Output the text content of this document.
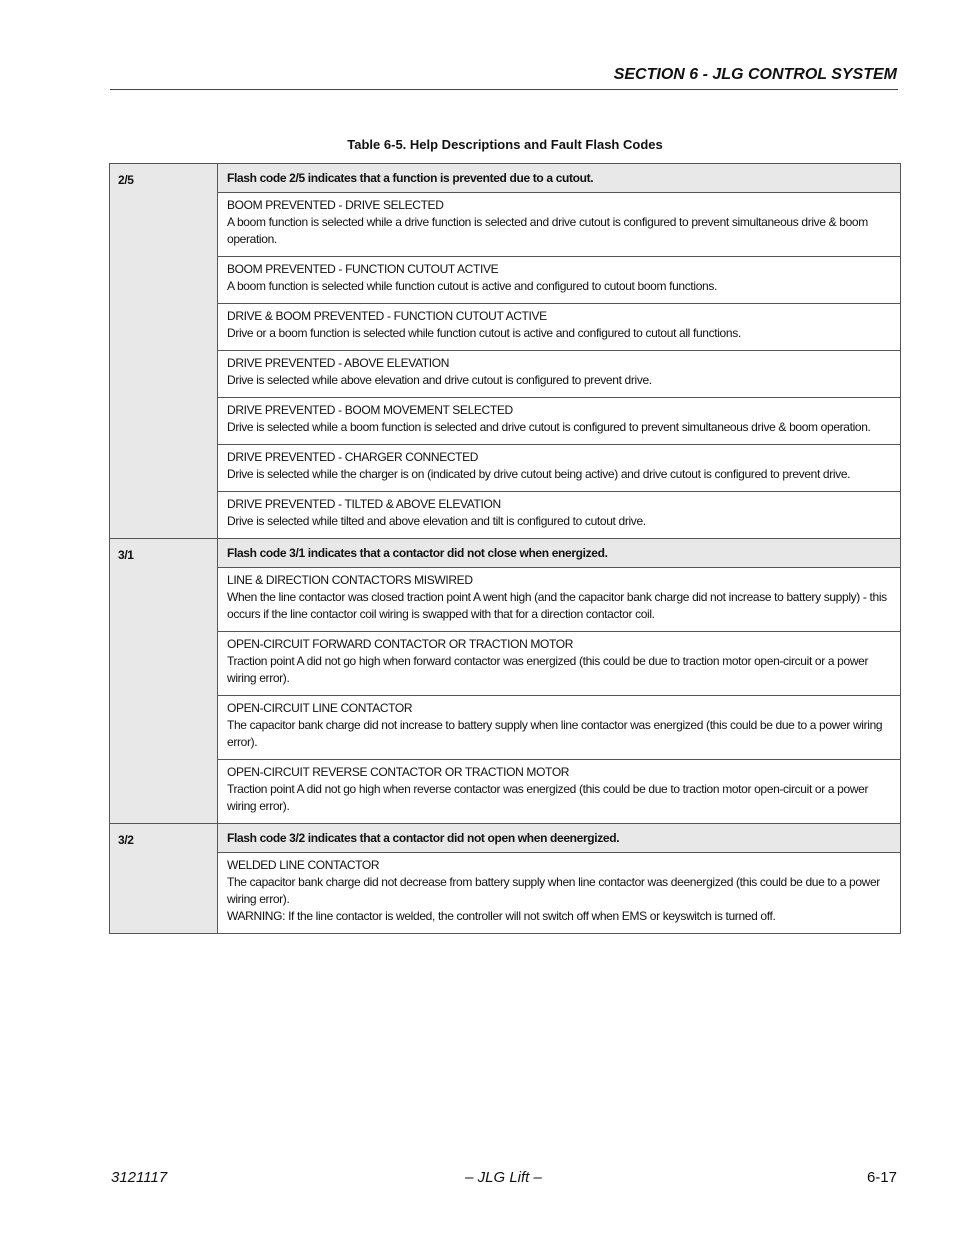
SECTION 6 - JLG CONTROL SYSTEM
Table 6-5. Help Descriptions and Fault Flash Codes
2/5	Flash code 2/5 indicates that a function is prevented due to a cutout.

	BOOM PREVENTED - DRIVE SELECTED
A boom function is selected while a drive function is selected and drive cutout is configured to prevent simultaneous drive & boom operation.

	BOOM PREVENTED - FUNCTION CUTOUT ACTIVE
A boom function is selected while function cutout is active and configured to cutout boom functions.

	DRIVE & BOOM PREVENTED - FUNCTION CUTOUT ACTIVE
Drive or a boom function is selected while function cutout is active and configured to cutout all functions.

	DRIVE PREVENTED - ABOVE ELEVATION
Drive is selected while above elevation and drive cutout is configured to prevent drive.

	DRIVE PREVENTED - BOOM MOVEMENT SELECTED
Drive is selected while a boom function is selected and drive cutout is configured to prevent simultaneous drive & boom operation.

	DRIVE PREVENTED - CHARGER CONNECTED
Drive is selected while the charger is on (indicated by drive cutout being active) and drive cutout is configured to prevent drive.

	DRIVE PREVENTED - TILTED & ABOVE ELEVATION
Drive is selected while tilted and above elevation and tilt is configured to cutout drive.

3/1	Flash code 3/1 indicates that a contactor did not close when energized.

	LINE & DIRECTION CONTACTORS MISWIRED
When the line contactor was closed traction point A went high (and the capacitor bank charge did not increase to battery supply) - this occurs if the line contactor coil wiring is swapped with that for a direction contactor coil.

	OPEN-CIRCUIT FORWARD CONTACTOR OR TRACTION MOTOR
Traction point A did not go high when forward contactor was energized (this could be due to traction motor open-circuit or a power wiring error).

	OPEN-CIRCUIT LINE CONTACTOR
The capacitor bank charge did not increase to battery supply when line contactor was energized (this could be due to a power wiring error).

	OPEN-CIRCUIT REVERSE CONTACTOR OR TRACTION MOTOR
Traction point A did not go high when reverse contactor was energized (this could be due to traction motor open-circuit or a power wiring error).

3/2	Flash code 3/2 indicates that a contactor did not open when deenergized.

	WELDED LINE CONTACTOR
The capacitor bank charge did not decrease from battery supply when line contactor was deenergized (this could be due to a power wiring error).
WARNING: If the line contactor is welded, the controller will not switch off when EMS or keyswitch is turned off.
– JLG Lift –
3121117	6-17
